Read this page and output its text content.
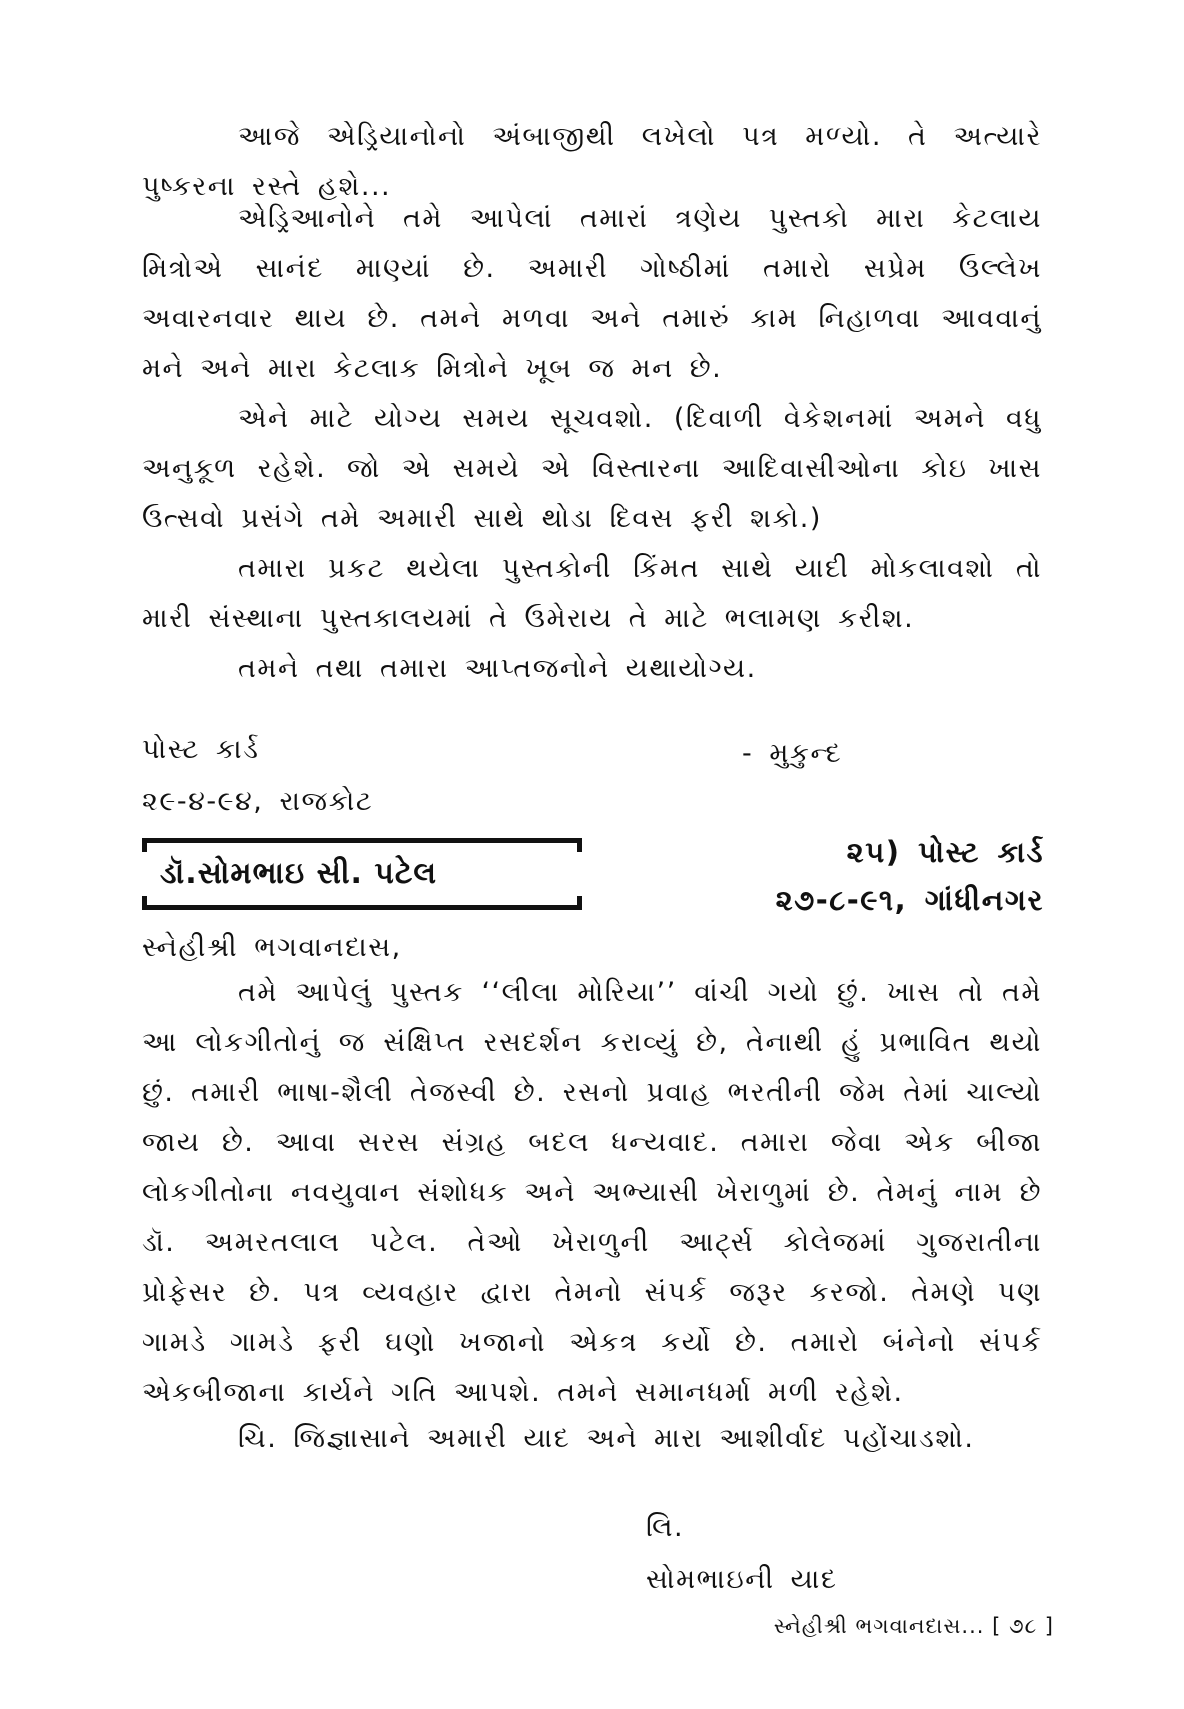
આજે એડ્રિયાનોનો અંબાજીથી લખેલો પત્ર મળ્યો. તે અત્યારે પુષ્કરના રસ્તે હશે...

એડ્રિઆનોને તમે આપેલાં તમારાં ત્રણેય પુસ્તકો મારા કેટલાય મિત્રોએ સાનંદ માણ્યાં છે. અમારી ગોષ્ઠીમાં તમારો સપ્રેમ ઉલ્લેખ અવારનવાર થાય છે. તમને મળવા અને તમારું કામ નિહાળવા આવવાનું મને અને મારા કેટલાક મિત્રોને ખૂબ જ મન છે.

એને માટે યોગ્ય સમય સૂચવશો. (દિવાળી વેકેશનમાં અમને વધુ અનુકૂળ રહેશે. જો એ સમયે એ વિસ્તારના આદિવાસીઓના કોઇ ખાસ ઉત્સવો પ્રસંગે તમે અમારી સાથે થોડા દિવસ ફરી શકો.)

તમારા પ્રકટ થયેલા પુસ્તકોની કિંમત સાથે યાદી મોકલાવશો તો મારી સંસ્થાના પુસ્તકાલયમાં તે ઉમેરાય તે માટે ભલામણ કરીશ.

તમને તથા તમારા આપ્તજનોને યથાયોગ્ય.

પોસ્ટ કાર્ડ	- મુકુન્દ

૨૯-૪-૯૪, રાજકોટ

ડૉ.સોમભાઇ સી. પટેલ

૨૫) પોસ્ટ કાર્ડ

૨૭-૮-૯૧, ગાંધીનગર

સ્નેહીશ્રી ભગવાનદાસ,

તમે આપેલું પુસ્તક ‘‘લીલા મોરિયા’’ વાંચી ગયો છું. ખાસ તો તમે આ લોકગીતોનું જ સંક્ષિપ્ત રસદર્શન કરાવ્યું છે, તેનાથી હું પ્રભાવિત થયો છું. તમારી ભાષા-શૈલી તેજસ્વી છે. રસનો પ્રવાહ ભરતીની જેમ તેમાં ચાલ્યો જાય છે. આવા સરસ સંગ્રહ બદલ ધન્યવાદ. તમારા જેવા એક બીજા લોકગીતોના નવયુવાન સંશોધક અને અભ્યાસી ખેરાળુમાં છે. તેમનું નામ છે ડૉ. અમરતલાલ પટેલ. તેઓ ખેરાળુની આર્ટ્સ કોલેજમાં ગુજરાતીના પ્રોફેસર છે. પત્ર વ્યવહાર દ્વારા તેમનો સંપર્ક જરૂર કરજો. તેમણે પણ ગામડે ગામડે ફરી ઘણો ખજાનો એકત્ર કર્યો છે. તમારો બંનેનો સંપર્ક એકબીજાના કાર્યને ગતિ આપશે. તમને સમાનધર્મા મળી રહેશે.

ચિ. જિજ્ઞાસાને અમારી યાદ અને મારા આશીર્વાદ પહોંચાડશો.

લિ.

સોમભાઇની યાદ

સ્નેહીશ્રી ભગવાનદાસ... [ ૭૮ ]
